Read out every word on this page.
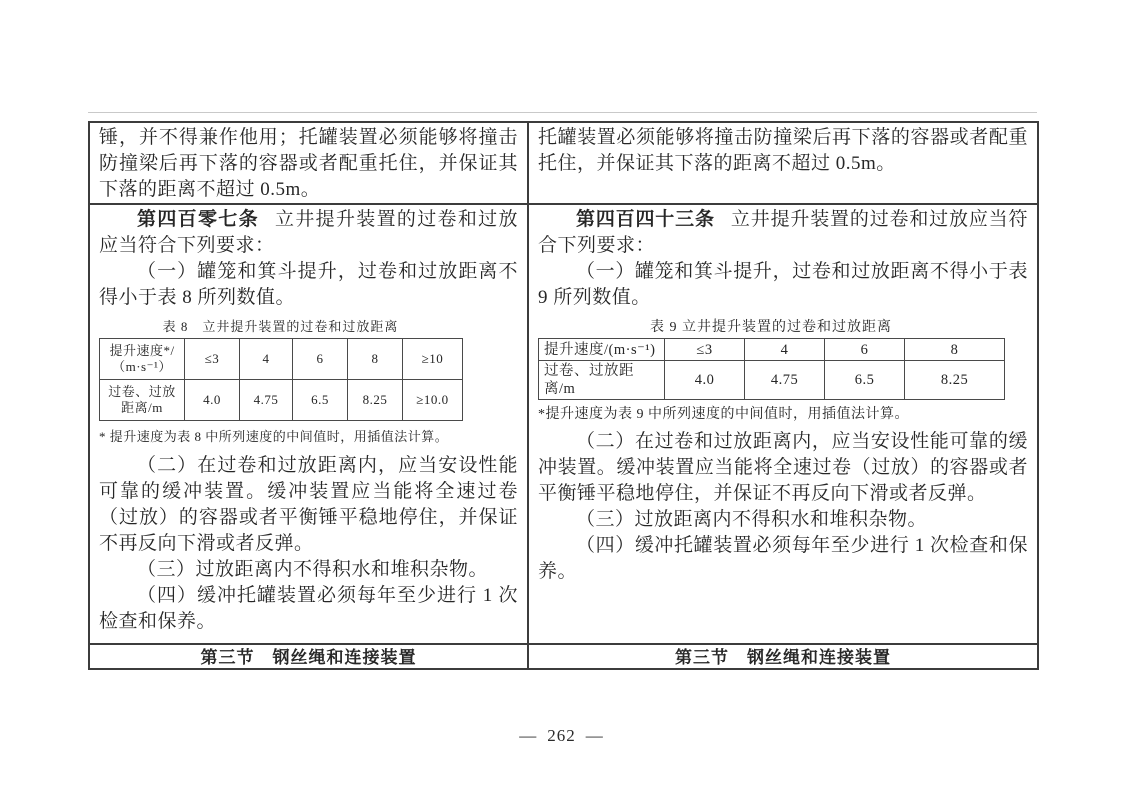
锤，并不得兼作他用；托罐装置必须能够将撞击防撞梁后再下落的容器或者配重托住，并保证其下落的距离不超过 0.5m。

托罐装置必须能够将撞击防撞梁后再下落的容器或者配重托住，并保证其下落的距离不超过 0.5m。

第四百零七条 立井提升装置的过卷和过放应当符合下列要求：

（一）罐笼和箕斗提升，过卷和过放距离不得小于表 8 所列数值。

表 8　立井提升装置的过卷和过放距离
提升速度*/
（m·s⁻¹）
	≤3	4	6	8	≥10

过卷、过放
距离/m
	4.0	4.75	6.5	8.25	≥10.0
* 提升速度为表 8 中所列速度的中间值时，用插值法计算。

（二）在过卷和过放距离内，应当安设性能可靠的缓冲装置。缓冲装置应当能将全速过卷（过放）的容器或者平衡锤平稳地停住，并保证不再反向下滑或者反弹。

（三）过放距离内不得积水和堆积杂物。

（四）缓冲托罐装置必须每年至少进行 1 次检查和保养。

第四百四十三条 立井提升装置的过卷和过放应当符合下列要求：

（一）罐笼和箕斗提升，过卷和过放距离不得小于表 9 所列数值。

表 9 立井提升装置的过卷和过放距离
提升速度/(m·s⁻¹)	≤3	4	6	8
过卷、过放距离/m	4.0	4.75	6.5	8.25
*提升速度为表 9 中所列速度的中间值时，用插值法计算。

（二）在过卷和过放距离内，应当安设性能可靠的缓冲装置。缓冲装置应当能将全速过卷（过放）的容器或者平衡锤平稳地停住，并保证不再反向下滑或者反弹。

（三）过放距离内不得积水和堆积杂物。

（四）缓冲托罐装置必须每年至少进行 1 次检查和保养。

第三节　钢丝绳和连接装置	第三节　钢丝绳和连接装置

— 262 —
